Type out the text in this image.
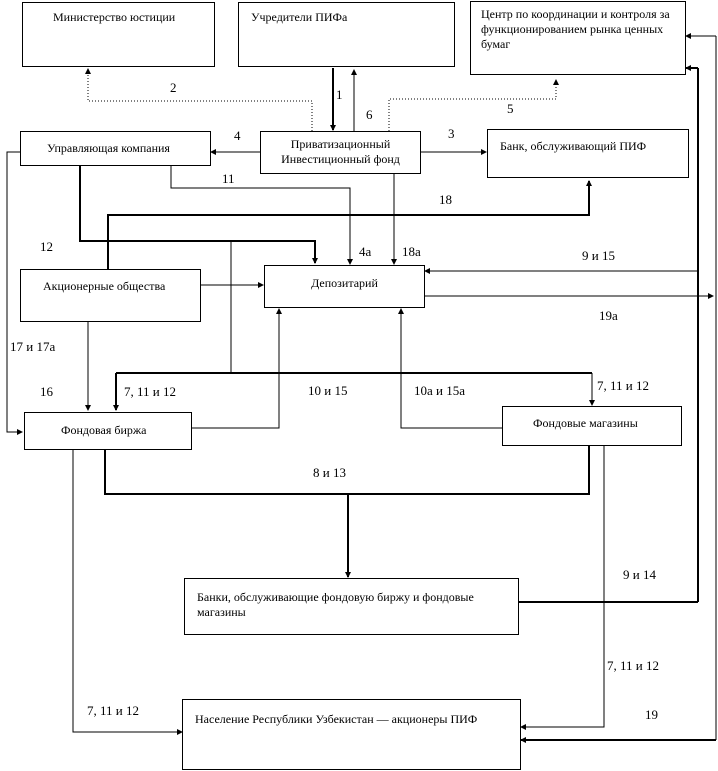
Министерство юстиции	Учредители ПИФа	Центр по координации и контроля за функционированием рынка ценных бумаг
Управляющая компания	Приватизационный Инвестиционный фонд
Банк, обслуживающий ПИФ
Акционерные общества	Депозитарий
Фондовая биржа	Фондовые магазины
Банки, обслуживающие фондовую биржу и фондовые магазины
Население Республики Узбекистан — акционеры ПИФ
1
2
3
4
4а
5
6
11
12
16
18
18а
19
19а
9 и 15
17 и 17а
7, 11 и 12	10 и 15	10а и 15а	7, 11 и 12
8 и 13
9 и 14
7, 11 и 12
7, 11 и 12
